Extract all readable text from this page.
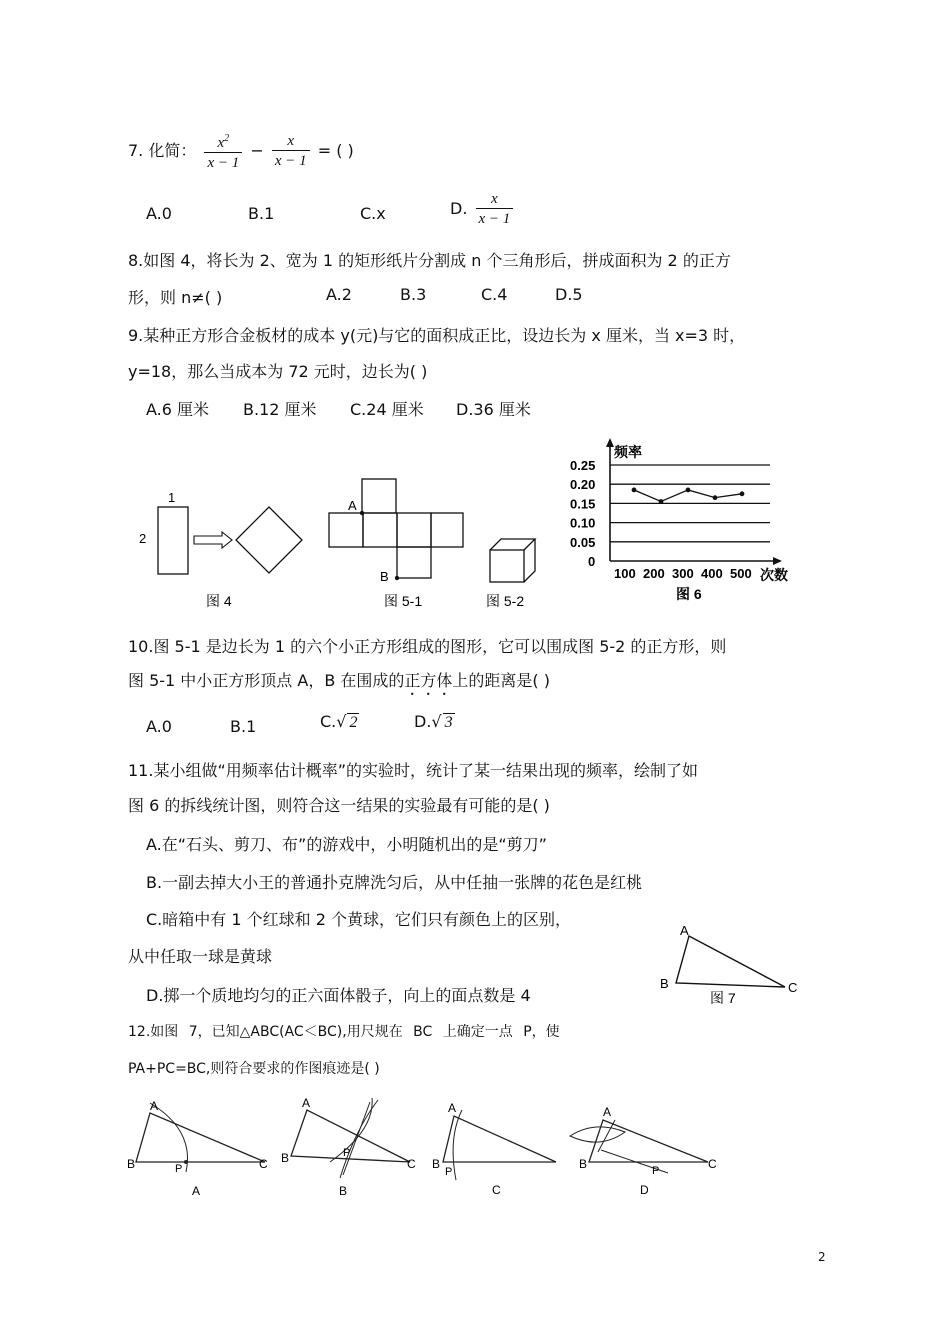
7. 化简： $\frac{x^2}{x - 1} - \frac{x}{x - 1}$ = ( )
A.0	B.1	C.x	D. $\frac{x}{x - 1}$
8.如图 4，将长为 2、宽为 1 的矩形纸片分割成 n 个三角形后，拼成面积为 2 的正方
形，则 n≠( )	A.2	B.3	C.4	D.5
9.某种正方形合金板材的成本 y(元)与它的面积成正比，设边长为 x 厘米，当 x=3 时，
y=18，那么当成本为 72 元时，边长为( )
A.6 厘米 B.12 厘米 C.24 厘米 D.36 厘米
1
2
图 4
A
B
图 5-1	图 5-2
0.25
0.20
0.15
0.10
0.05
0
100 200 300 400 500
频率
次数
图 6
10.图 5-1 是边长为 1 的六个小正方形组成的图形，它可以围成图 5-2 的正方形，则
图 5-1 中小正方形顶点 A，B 在围成的正方体上的距离是( )
A.0	B.1	C.√ 2	D.√ 3
11.某小组做“用频率估计概率”的实验时，统计了某一结果出现的频率，绘制了如
图 6 的拆线统计图，则符合这一结果的实验最有可能的是( )
A.在“石头、剪刀、布”的游戏中，小明随机出的是“剪刀”
B.一副去掉大小王的普通扑克牌洗匀后，从中任抽一张牌的花色是红桃
C.暗箱中有 1 个红球和 2 个黄球，它们只有颜色上的区别，
从中任取一球是黄球
D.掷一个质地均匀的正六面体骰子，向上的面点数是 4
A
B	C
图 7
12.如图 7，已知△ABC(AC＜BC),用尺规在 BC 上确定一点 P，使
PA+PC=BC,则符合要求的作图痕迹是( )
A
B	C
P
A
A
B	C
P
B
A
B
P
C
A
B	C
P
D
2
